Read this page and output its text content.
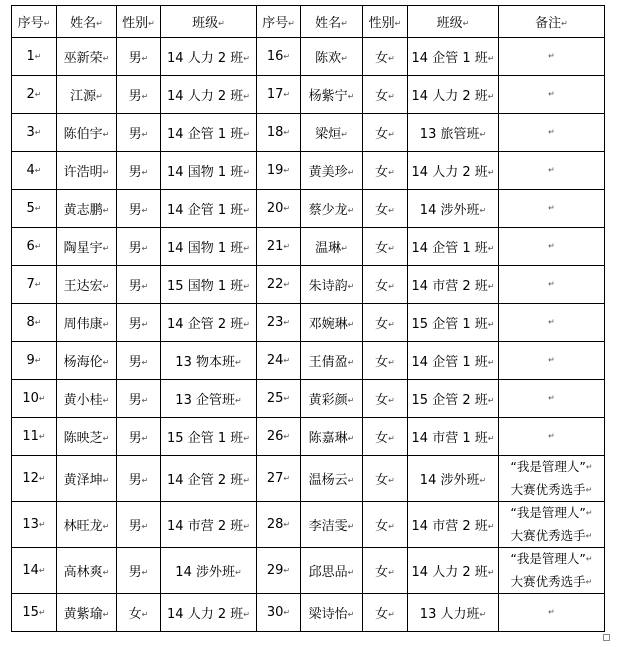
序号↵	姓名↵	性别↵	班级↵	序号↵	姓名↵	性别↵	班级↵	备注↵
1↵	巫新荣↵	男↵	14 人力 2 班↵	16↵	陈欢↵	女↵	14 企管 1 班↵	↵
2↵	江源↵	男↵	14 人力 2 班↵	17↵	杨紫宁↵	女↵	14 人力 2 班↵	↵
3↵	陈伯宇↵	男↵	14 企管 1 班↵	18↵	梁烜↵	女↵	13 旅管班↵	↵
4↵	许浩明↵	男↵	14 国物 1 班↵	19↵	黄美珍↵	女↵	14 人力 2 班↵	↵
5↵	黄志鹏↵	男↵	14 企管 1 班↵	20↵	蔡少龙↵	女↵	14 涉外班↵	↵
6↵	陶星宇↵	男↵	14 国物 1 班↵	21↵	温琳↵	女↵	14 企管 1 班↵	↵
7↵	王达宏↵	男↵	15 国物 1 班↵	22↵	朱诗韵↵	女↵	14 市营 2 班↵	↵
8↵	周伟康↵	男↵	14 企管 2 班↵	23↵	邓婉琳↵	女↵	15 企管 1 班↵	↵
9↵	杨海伦↵	男↵	13 物本班↵	24↵	王倩盈↵	女↵	14 企管 1 班↵	↵
10↵	黄小桂↵	男↵	13 企管班↵	25↵	黄彩颜↵	女↵	15 企管 2 班↵	↵
11↵	陈映芝↵	男↵	15 企管 1 班↵	26↵	陈嘉琳↵	女↵	14 市营 1 班↵	↵
12↵	黄泽坤↵	男↵	14 企管 2 班↵	27↵	温杨云↵	女↵	14 涉外班↵	“我是管理人”↵
大赛优秀选手↵

13↵	林旺龙↵	男↵	14 市营 2 班↵	28↵	李洁雯↵	女↵	14 市营 2 班↵	“我是管理人”↵
大赛优秀选手↵

14↵	高林爽↵	男↵	14 涉外班↵	29↵	邱思品↵	女↵	14 人力 2 班↵	“我是管理人”↵
大赛优秀选手↵

15↵	黄紫瑜↵	女↵	14 人力 2 班↵	30↵	梁诗怡↵	女↵	13 人力班↵	↵
